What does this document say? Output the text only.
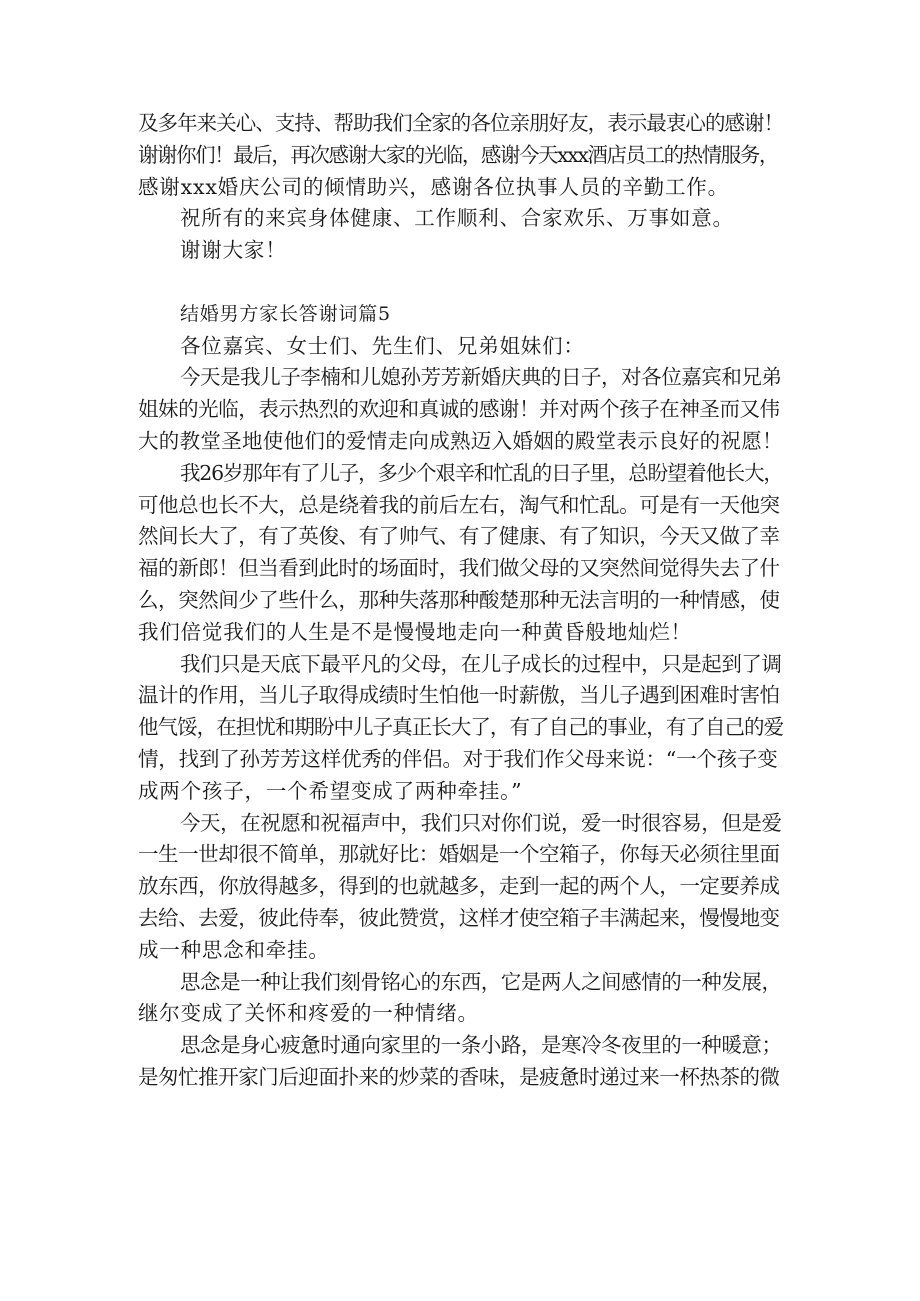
及多年来关心、支持、帮助我们全家的各位亲朋好友，表示最衷心的感谢！
谢谢你们！最后，再次感谢大家的光临，感谢今天xxx酒店员工的热情服务，
感谢xxx婚庆公司的倾情助兴，感谢各位执事人员的辛勤工作。
祝所有的来宾身体健康、工作顺利、合家欢乐、万事如意。
谢谢大家！
结婚男方家长答谢词篇5
各位嘉宾、女士们、先生们、兄弟姐妹们：
今天是我儿子李楠和儿媳孙芳芳新婚庆典的日子，对各位嘉宾和兄弟
姐妹的光临，表示热烈的欢迎和真诚的感谢！并对两个孩子在神圣而又伟
大的教堂圣地使他们的爱情走向成熟迈入婚姻的殿堂表示良好的祝愿！
我26岁那年有了儿子，多少个艰辛和忙乱的日子里，总盼望着他长大，
可他总也长不大，总是绕着我的前后左右，淘气和忙乱。可是有一天他突
然间长大了，有了英俊、有了帅气、有了健康、有了知识，今天又做了幸
福的新郎！但当看到此时的场面时，我们做父母的又突然间觉得失去了什
么，突然间少了些什么，那种失落那种酸楚那种无法言明的一种情感，使
我们倍觉我们的人生是不是慢慢地走向一种黄昏般地灿烂！
我们只是天底下最平凡的父母，在儿子成长的过程中，只是起到了调
温计的作用，当儿子取得成绩时生怕他一时薪傲，当儿子遇到困难时害怕
他气馁，在担忧和期盼中儿子真正长大了，有了自己的事业，有了自己的爱
情，找到了孙芳芳这样优秀的伴侣。对于我们作父母来说：“一个孩子变
成两个孩子，一个希望变成了两种牵挂。”
今天，在祝愿和祝福声中，我们只对你们说，爱一时很容易，但是爱
一生一世却很不简单，那就好比：婚姻是一个空箱子，你每天必须往里面
放东西，你放得越多，得到的也就越多，走到一起的两个人，一定要养成
去给、去爱，彼此侍奉，彼此赞赏，这样才使空箱子丰满起来，慢慢地变
成一种思念和牵挂。
思念是一种让我们刻骨铭心的东西，它是两人之间感情的一种发展，
继尔变成了关怀和疼爱的一种情绪。
思念是身心疲惫时通向家里的一条小路，是寒冷冬夜里的一种暖意；
是匆忙推开家门后迎面扑来的炒菜的香味，是疲惫时递过来一杯热茶的微
